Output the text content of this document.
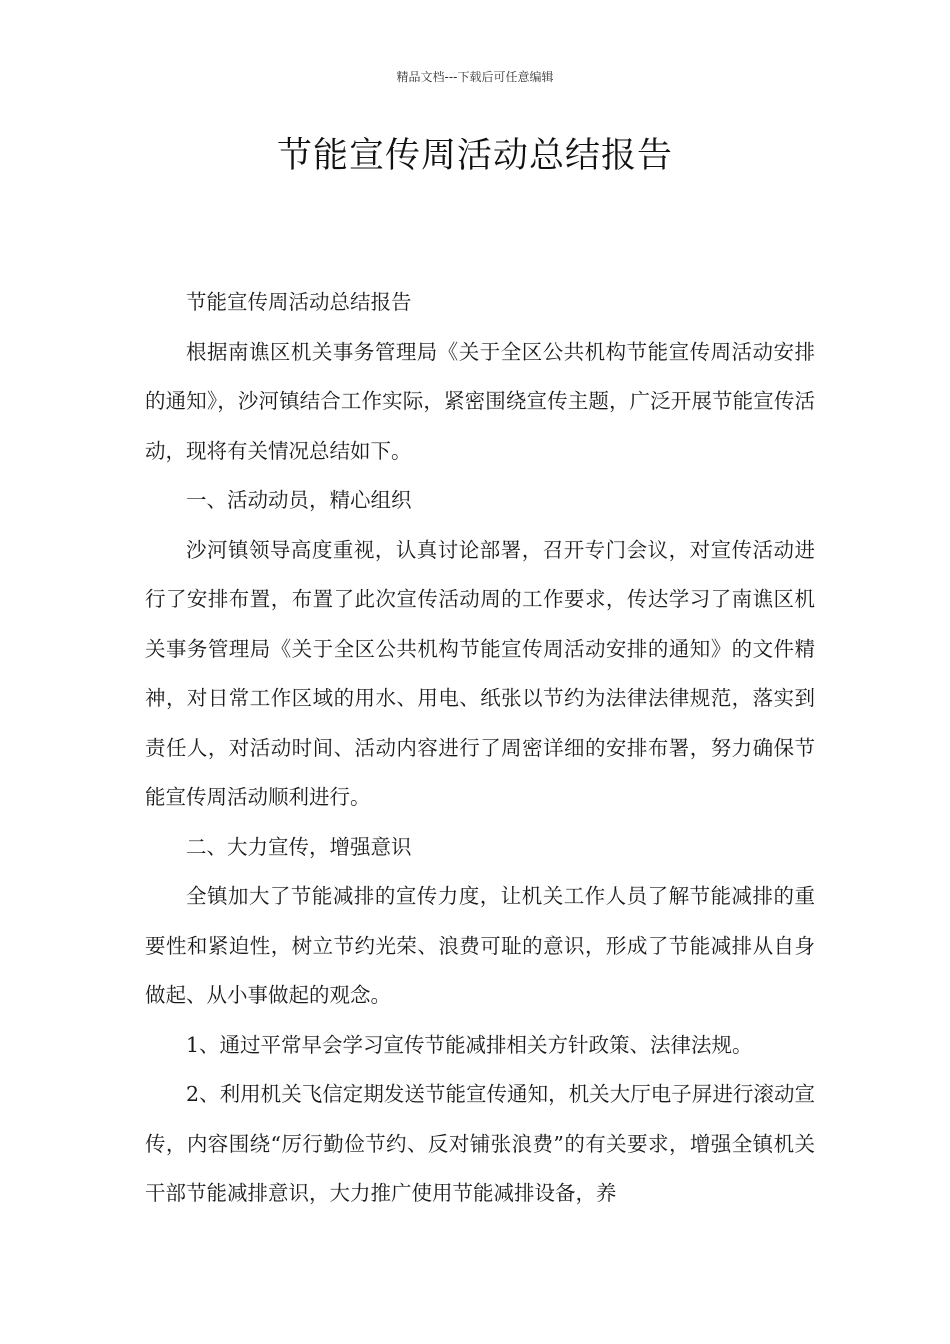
精品文档---下载后可任意编辑
节能宣传周活动总结报告

节能宣传周活动总结报告

根据南谯区机关事务管理局《关于全区公共机构节能宣传周活动安排的通知》，沙河镇结合工作实际，紧密围绕宣传主题，广泛开展节能宣传活动，现将有关情况总结如下。

一、活动动员，精心组织

沙河镇领导高度重视，认真讨论部署，召开专门会议，对宣传活动进行了安排布置，布置了此次宣传活动周的工作要求，传达学习了南谯区机关事务管理局《关于全区公共机构节能宣传周活动安排的通知》的文件精神，对日常工作区域的用水、用电、纸张以节约为法律法律规范，落实到责任人，对活动时间、活动内容进行了周密详细的安排布署，努力确保节能宣传周活动顺利进行。

二、大力宣传，增强意识

全镇加大了节能减排的宣传力度，让机关工作人员了解节能减排的重要性和紧迫性，树立节约光荣、浪费可耻的意识，形成了节能减排从自身做起、从小事做起的观念。

1、通过平常早会学习宣传节能减排相关方针政策、法律法规。

2、利用机关飞信定期发送节能宣传通知，机关大厅电子屏进行滚动宣传，内容围绕“厉行勤俭节约、反对铺张浪费”的有关要求，增强全镇机关干部节能减排意识，大力推广使用节能减排设备，养
